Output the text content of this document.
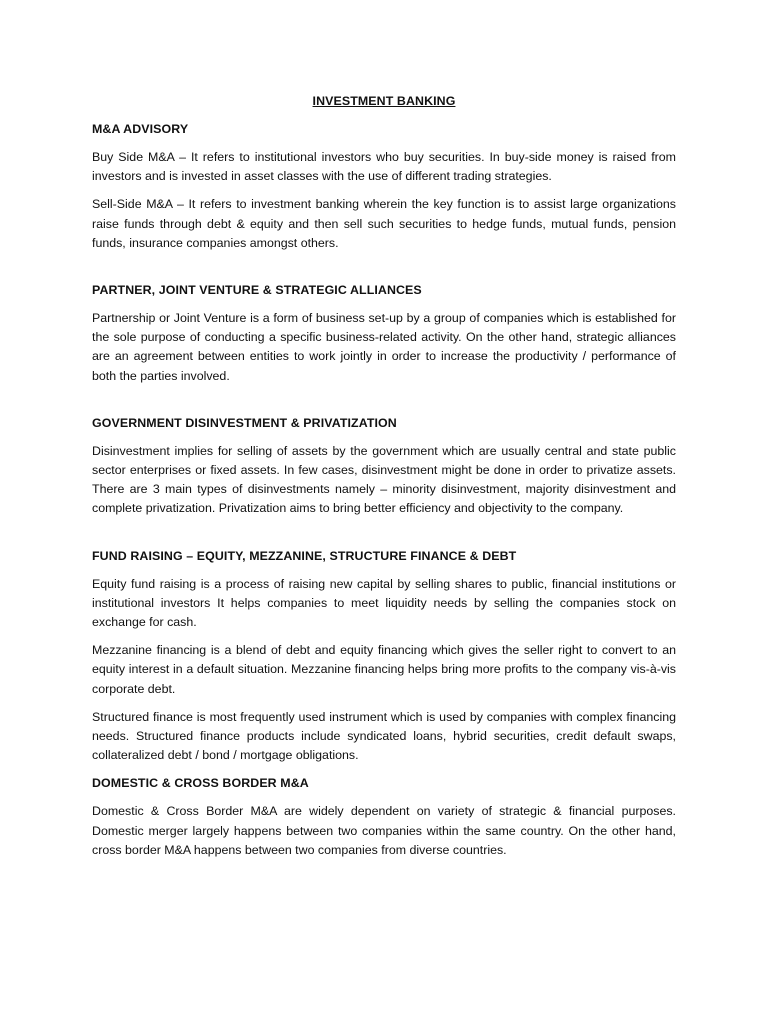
INVESTMENT BANKING
M&A ADVISORY

Buy Side M&A – It refers to institutional investors who buy securities. In buy-side money is raised from investors and is invested in asset classes with the use of different trading strategies.

Sell-Side M&A – It refers to investment banking wherein the key function is to assist large organizations raise funds through debt & equity and then sell such securities to hedge funds, mutual funds, pension funds, insurance companies amongst others.

PARTNER, JOINT VENTURE & STRATEGIC ALLIANCES

Partnership or Joint Venture is a form of business set-up by a group of companies which is established for the sole purpose of conducting a specific business-related activity. On the other hand, strategic alliances are an agreement between entities to work jointly in order to increase the productivity / performance of both the parties involved.

GOVERNMENT DISINVESTMENT & PRIVATIZATION

Disinvestment implies for selling of assets by the government which are usually central and state public sector enterprises or fixed assets. In few cases, disinvestment might be done in order to privatize assets. There are 3 main types of disinvestments namely – minority disinvestment, majority disinvestment and complete privatization. Privatization aims to bring better efficiency and objectivity to the company.

FUND RAISING – EQUITY, MEZZANINE, STRUCTURE FINANCE & DEBT

Equity fund raising is a process of raising new capital by selling shares to public, financial institutions or institutional investors It helps companies to meet liquidity needs by selling the companies stock on exchange for cash.

Mezzanine financing is a blend of debt and equity financing which gives the seller right to convert to an equity interest in a default situation. Mezzanine financing helps bring more profits to the company vis-à-vis corporate debt.

Structured finance is most frequently used instrument which is used by companies with complex financing needs. Structured finance products include syndicated loans, hybrid securities, credit default swaps, collateralized debt / bond / mortgage obligations.

DOMESTIC & CROSS BORDER M&A

Domestic & Cross Border M&A are widely dependent on variety of strategic & financial purposes. Domestic merger largely happens between two companies within the same country. On the other hand, cross border M&A happens between two companies from diverse countries.
